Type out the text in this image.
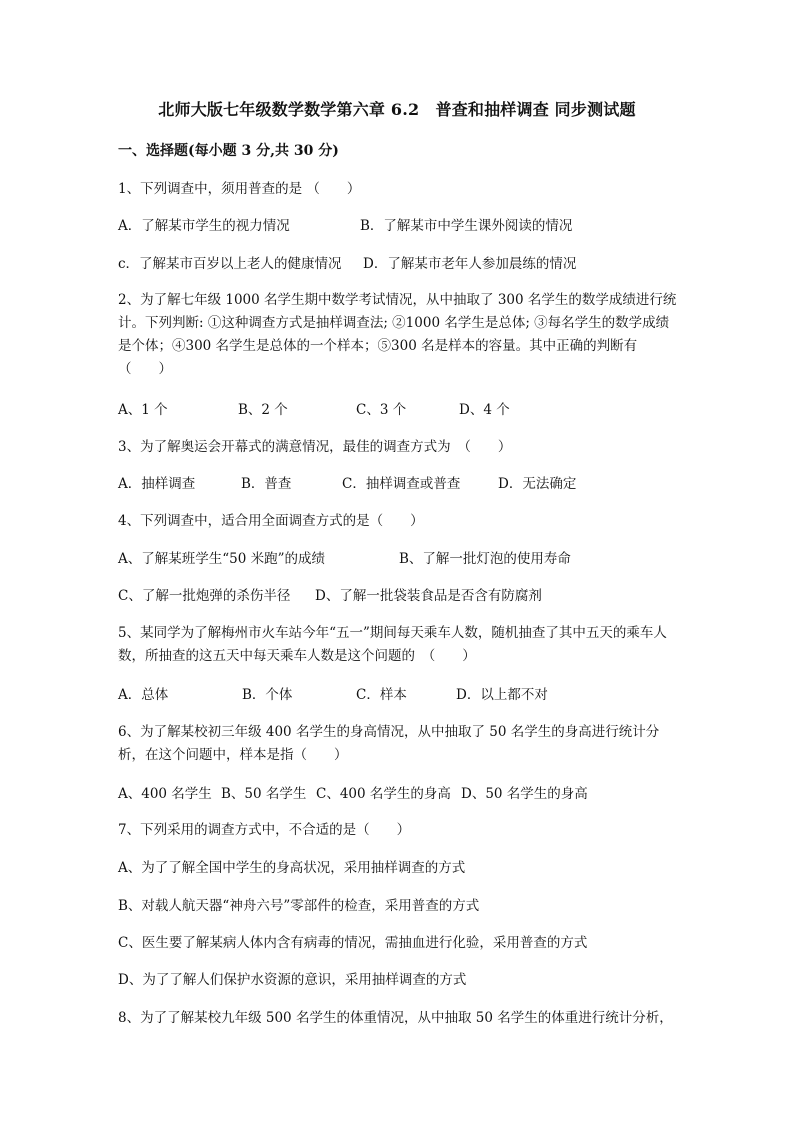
北师大版七年级数学数学第六章 6.2　普查和抽样调查 同步测试题
一、选择题(每小题 3 分,共 30 分)
1、下列调查中，须用普查的是 （　　）
A．了解某市学生的视力情况	B．了解某市中学生课外阅读的情况
c．了解某市百岁以上老人的健康情况 D．了解某市老年人参加晨练的情况
2、为了解七年级 1000 名学生期中数学考试情况，从中抽取了 300 名学生的数学成绩进行统计。下列判断: ①这种调查方式是抽样调查法; ②1000 名学生是总体; ③每名学生的数学成绩是个体；④300 名学生是总体的一个样本；⑤300 名是样本的容量。其中正确的判断有（　　）
A、1 个	B、2 个	C、3 个	D、4 个
3、为了解奥运会开幕式的满意情况，最佳的调查方式为　（　　）
A．抽样调查	B．普查	C．抽样调查或普查	D．无法确定
4、下列调查中，适合用全面调查方式的是（　　）
A、了解某班学生“50 米跑”的成绩	B、了解一批灯泡的使用寿命
C、了解一批炮弹的杀伤半径 D、了解一批袋装食品是否含有防腐剂
5、某同学为了解梅州市火车站今年“五一”期间每天乘车人数，随机抽查了其中五天的乘车人数，所抽查的这五天中每天乘车人数是这个问题的　（　　）
A．总体	B．个体	C．样本	D．以上都不对
6、为了解某校初三年级 400 名学生的身高情况，从中抽取了 50 名学生的身高进行统计分析，在这个问题中，样本是指（　　）
A、400 名学生 B、50 名学生 C、400 名学生的身高 D、50 名学生的身高
7、下列采用的调查方式中，不合适的是（　　）
A、为了了解全国中学生的身高状况，采用抽样调查的方式
B、对载人航天器“神舟六号”零部件的检查，采用普查的方式
C、医生要了解某病人体内含有病毒的情况，需抽血进行化验，采用普查的方式
D、为了了解人们保护水资源的意识，采用抽样调查的方式
8、为了了解某校九年级 500 名学生的体重情况，从中抽取 50 名学生的体重进行统计分析，
